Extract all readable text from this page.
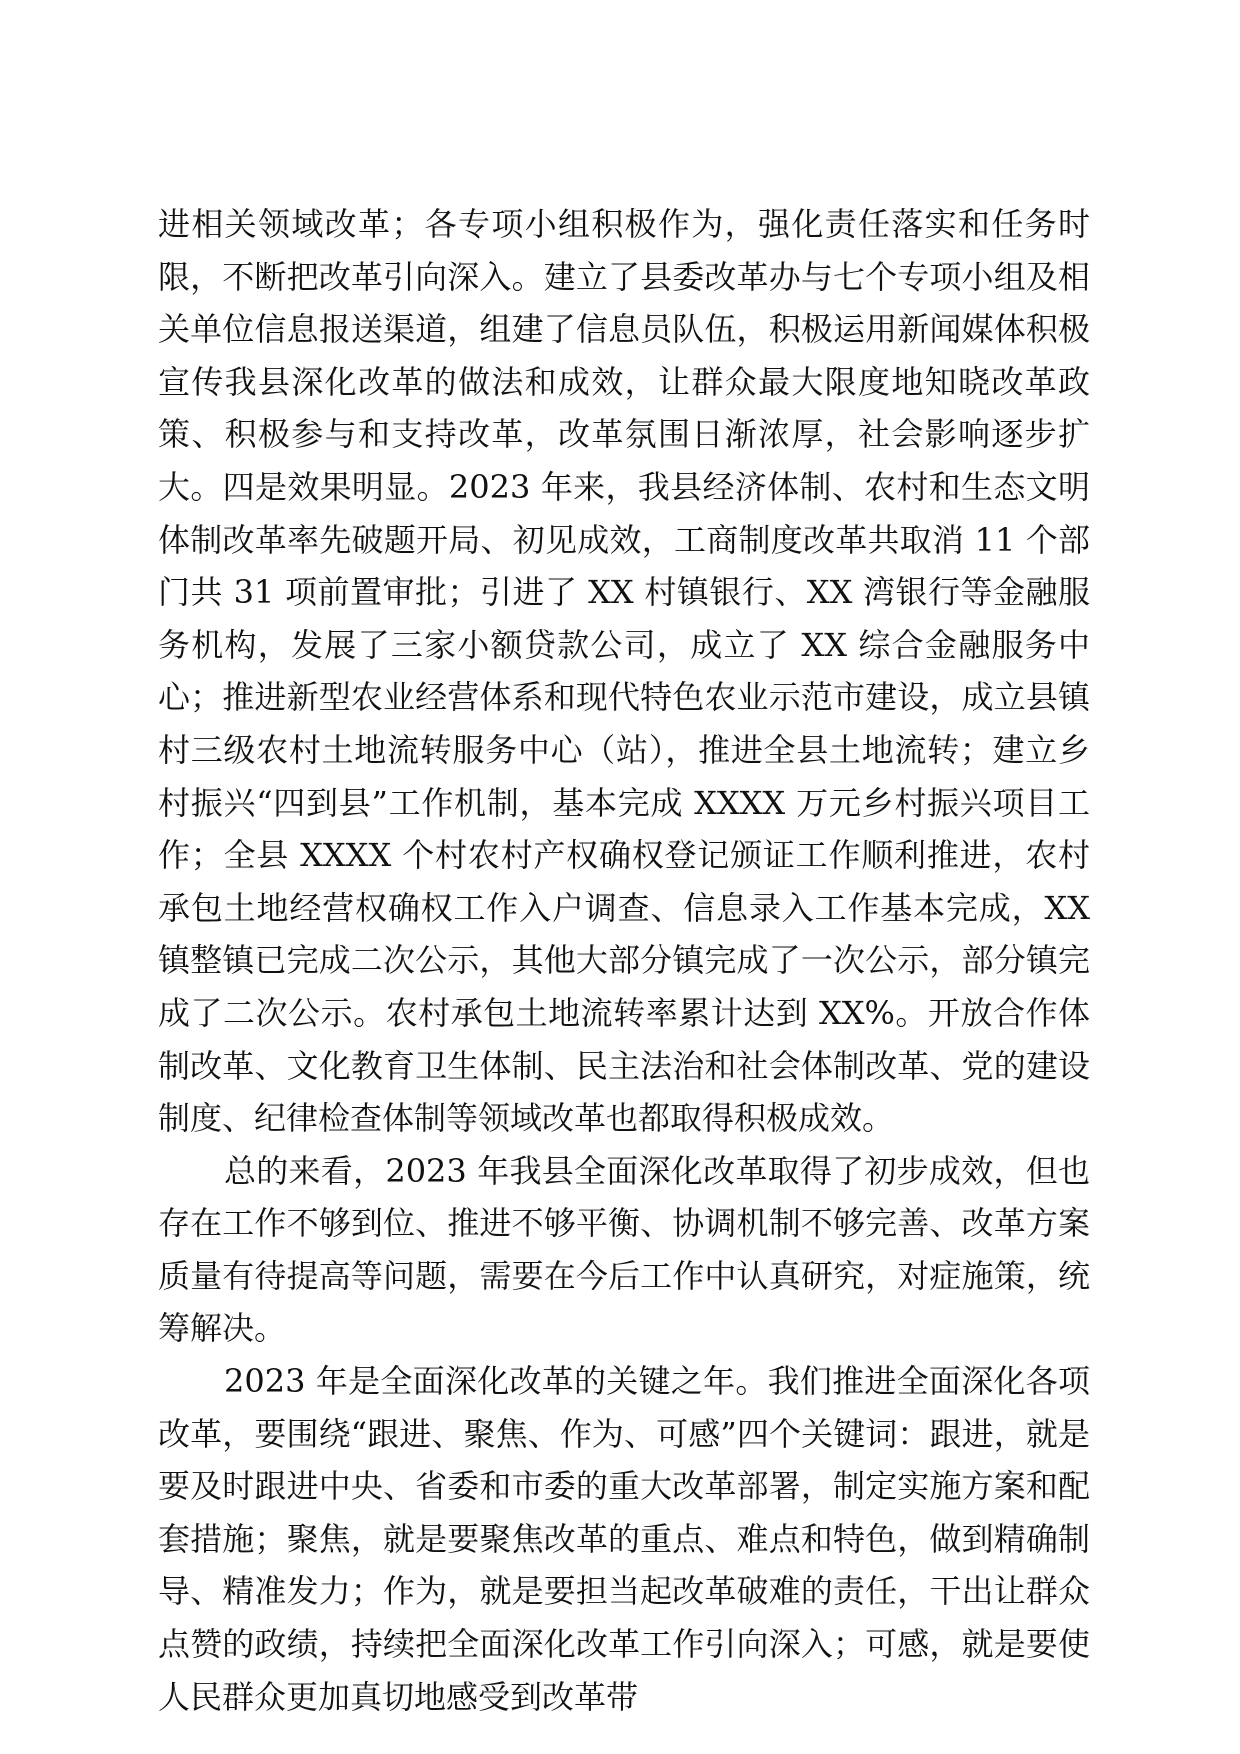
进相关领域改革；各专项小组积极作为，强化责任落实和任务时限，不断把改革引向深入。建立了县委改革办与七个专项小组及相关单位信息报送渠道，组建了信息员队伍，积极运用新闻媒体积极宣传我县深化改革的做法和成效，让群众最大限度地知晓改革政策、积极参与和支持改革，改革氛围日渐浓厚，社会影响逐步扩大。四是效果明显。2023 年来，我县经济体制、农村和生态文明体制改革率先破题开局、初见成效，工商制度改革共取消 11 个部门共 31 项前置审批；引进了 XX 村镇银行、XX 湾银行等金融服务机构，发展了三家小额贷款公司，成立了 XX 综合金融服务中心；推进新型农业经营体系和现代特色农业示范市建设，成立县镇村三级农村土地流转服务中心（站），推进全县土地流转；建立乡村振兴“四到县”工作机制，基本完成 XXXX 万元乡村振兴项目工作；全县 XXXX 个村农村产权确权登记颁证工作顺利推进，农村承包土地经营权确权工作入户调查、信息录入工作基本完成，XX 镇整镇已完成二次公示，其他大部分镇完成了一次公示，部分镇完成了二次公示。农村承包土地流转率累计达到 XX%。开放合作体制改革、文化教育卫生体制、民主法治和社会体制改革、党的建设制度、纪律检查体制等领域改革也都取得积极成效。

总的来看，2023 年我县全面深化改革取得了初步成效，但也存在工作不够到位、推进不够平衡、协调机制不够完善、改革方案质量有待提高等问题，需要在今后工作中认真研究，对症施策，统筹解决。

2023 年是全面深化改革的关键之年。我们推进全面深化各项改革，要围绕“跟进、聚焦、作为、可感”四个关键词：跟进，就是要及时跟进中央、省委和市委的重大改革部署，制定实施方案和配套措施；聚焦，就是要聚焦改革的重点、难点和特色，做到精确制导、精准发力；作为，就是要担当起改革破难的责任，干出让群众点赞的政绩，持续把全面深化改革工作引向深入；可感，就是要使人民群众更加真切地感受到改革带
